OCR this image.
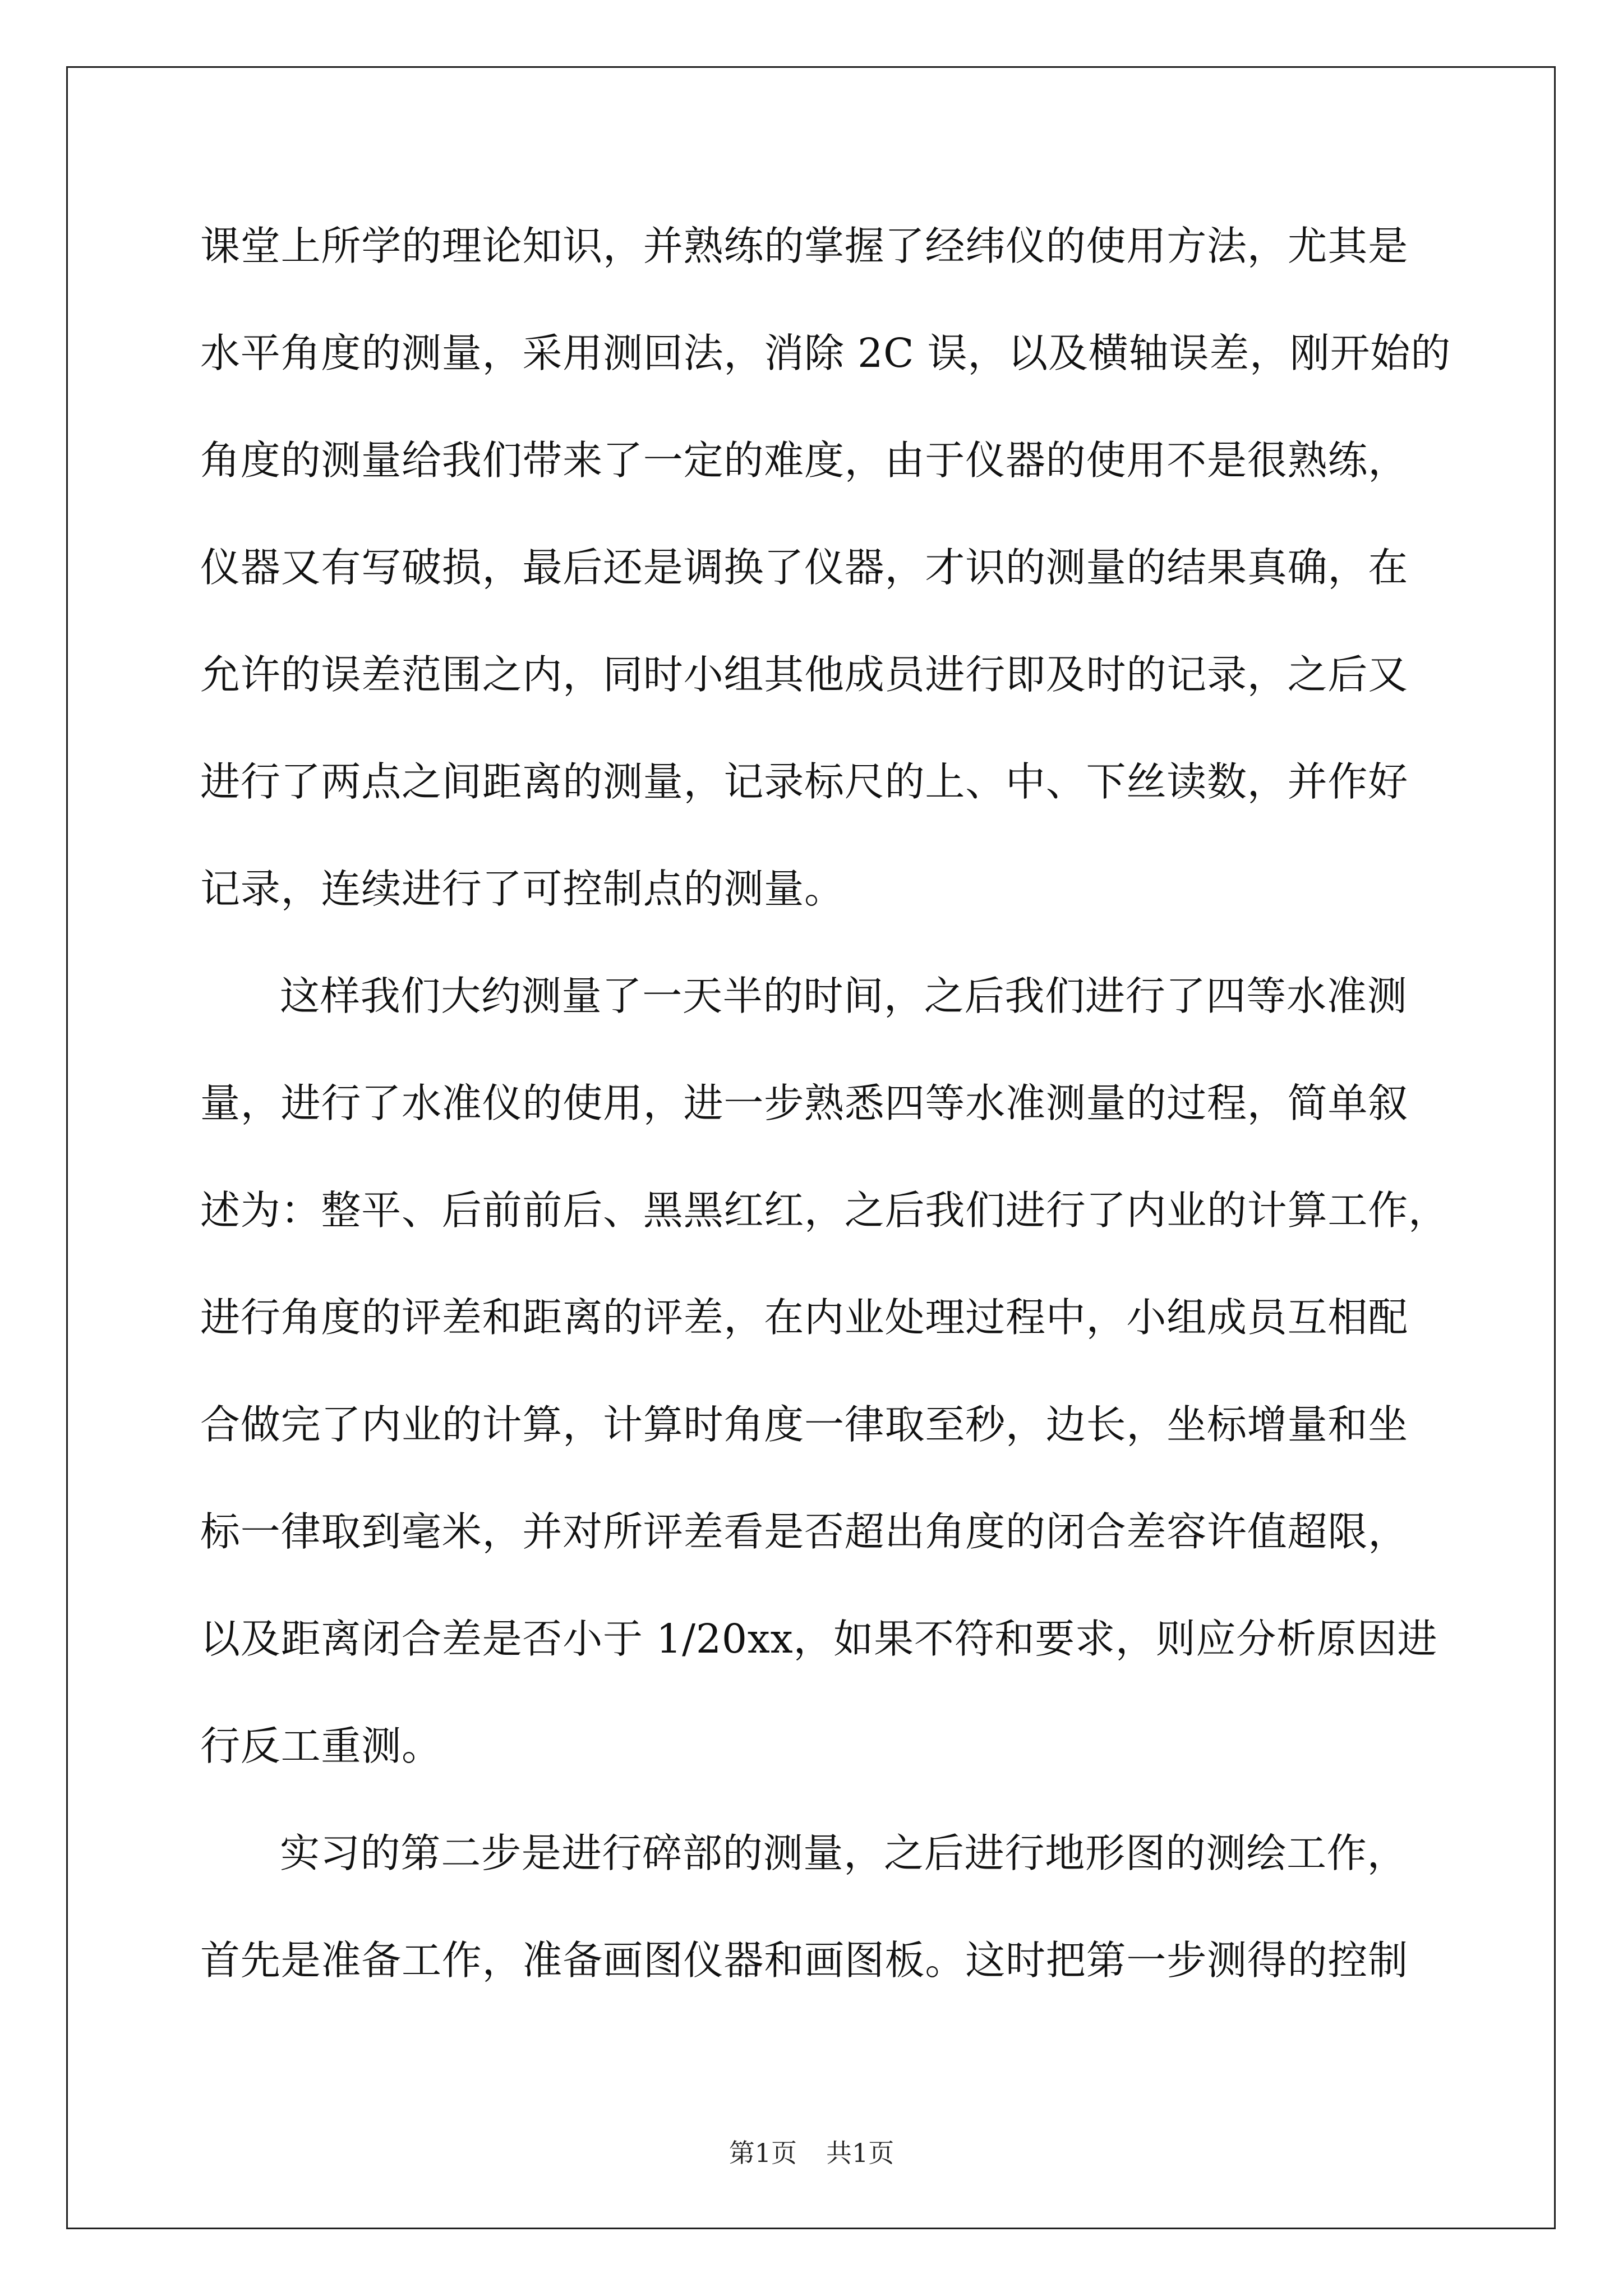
课堂上所学的理论知识，并熟练的掌握了经纬仪的使用方法，尤其是
水平角度的测量，采用测回法，消除 2C 误，以及横轴误差，刚开始的
角度的测量给我们带来了一定的难度，由于仪器的使用不是很熟练，
仪器又有写破损，最后还是调换了仪器，才识的测量的结果真确，在
允许的误差范围之内，同时小组其他成员进行即及时的记录，之后又
进行了两点之间距离的测量，记录标尺的上、中、下丝读数，并作好
记录，连续进行了可控制点的测量。
这样我们大约测量了一天半的时间，之后我们进行了四等水准测
量，进行了水准仪的使用，进一步熟悉四等水准测量的过程，简单叙
述为：整平、后前前后、黑黑红红，之后我们进行了内业的计算工作，
进行角度的评差和距离的评差，在内业处理过程中，小组成员互相配
合做完了内业的计算，计算时角度一律取至秒，边长，坐标增量和坐
标一律取到毫米，并对所评差看是否超出角度的闭合差容许值超限，
以及距离闭合差是否小于 1/20xx，如果不符和要求，则应分析原因进
行反工重测。
实习的第二步是进行碎部的测量，之后进行地形图的测绘工作，
首先是准备工作，准备画图仪器和画图板。这时把第一步测得的控制
第1页 共1页
